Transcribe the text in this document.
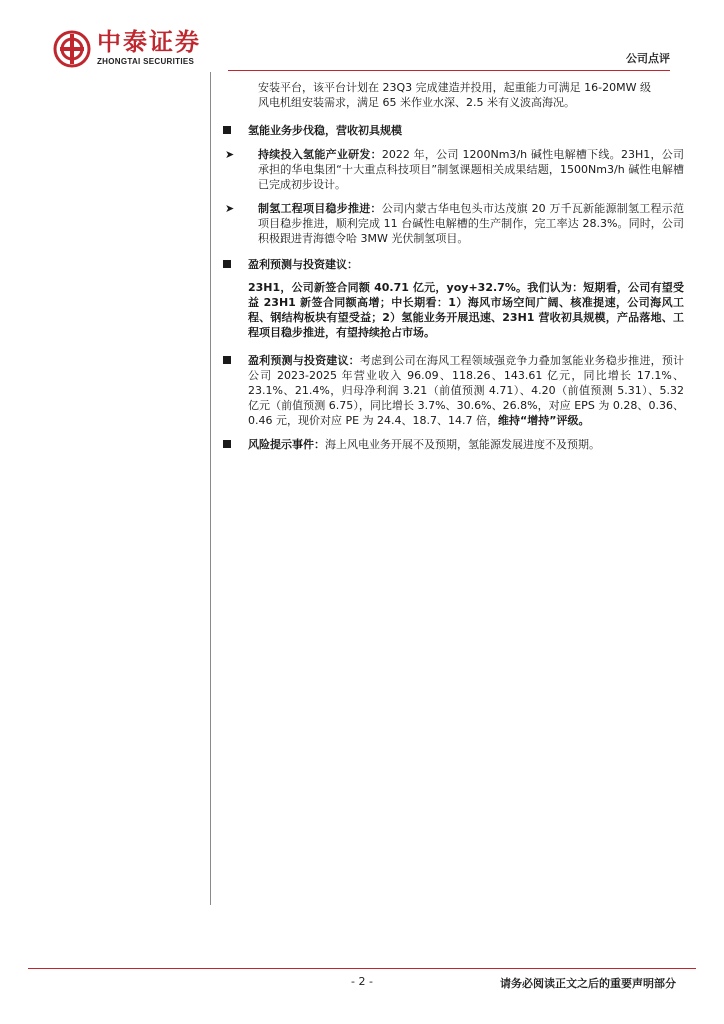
中泰证券
ZHONGTAI SECURITIES	公司点评

安装平台，该平台计划在 23Q3 完成建造并投用，起重能力可满足 16-20MW 级

风电机组安装需求，满足 65 米作业水深、2.5 米有义波高海况。

氢能业务步伐稳，营收初具规模

➤ 持续投入氢能产业研发：2022 年，公司 1200Nm3/h 碱性电解槽下线。23H1，公司承担的华电集团“十大重点科技项目”制氢课题相关成果结题，1500Nm3/h 碱性电解槽已完成初步设计。

➤ 制氢工程项目稳步推进：公司内蒙古华电包头市达茂旗 20 万千瓦新能源制氢工程示范项目稳步推进，顺利完成 11 台碱性电解槽的生产制作，完工率达 28.3%。同时，公司积极跟进青海德令哈 3MW 光伏制氢项目。

盈利预测与投资建议：

23H1，公司新签合同额 40.71 亿元，yoy+32.7%。我们认为：短期看，公司有望受益 23H1 新签合同额高增；中长期看：1）海风市场空间广阔、核准提速，公司海风工程、钢结构板块有望受益；2）氢能业务开展迅速、23H1 营收初具规模，产品落地、工程项目稳步推进，有望持续抢占市场。

盈利预测与投资建议：考虑到公司在海风工程领域强竞争力叠加氢能业务稳步推进，预计公司 2023-2025 年营业收入 96.09、118.26、143.61 亿元，同比增长 17.1%、23.1%、21.4%，归母净利润 3.21（前值预测 4.71）、4.20（前值预测 5.31）、5.32 亿元（前值预测 6.75），同比增长 3.7%、30.6%、26.8%，对应 EPS 为 0.28、0.36、0.46 元，现价对应 PE 为 24.4、18.7、14.7 倍，维持“增持”评级。

风险提示事件：海上风电业务开展不及预期，氢能源发展进度不及预期。

- 2 -	请务必阅读正文之后的重要声明部分
